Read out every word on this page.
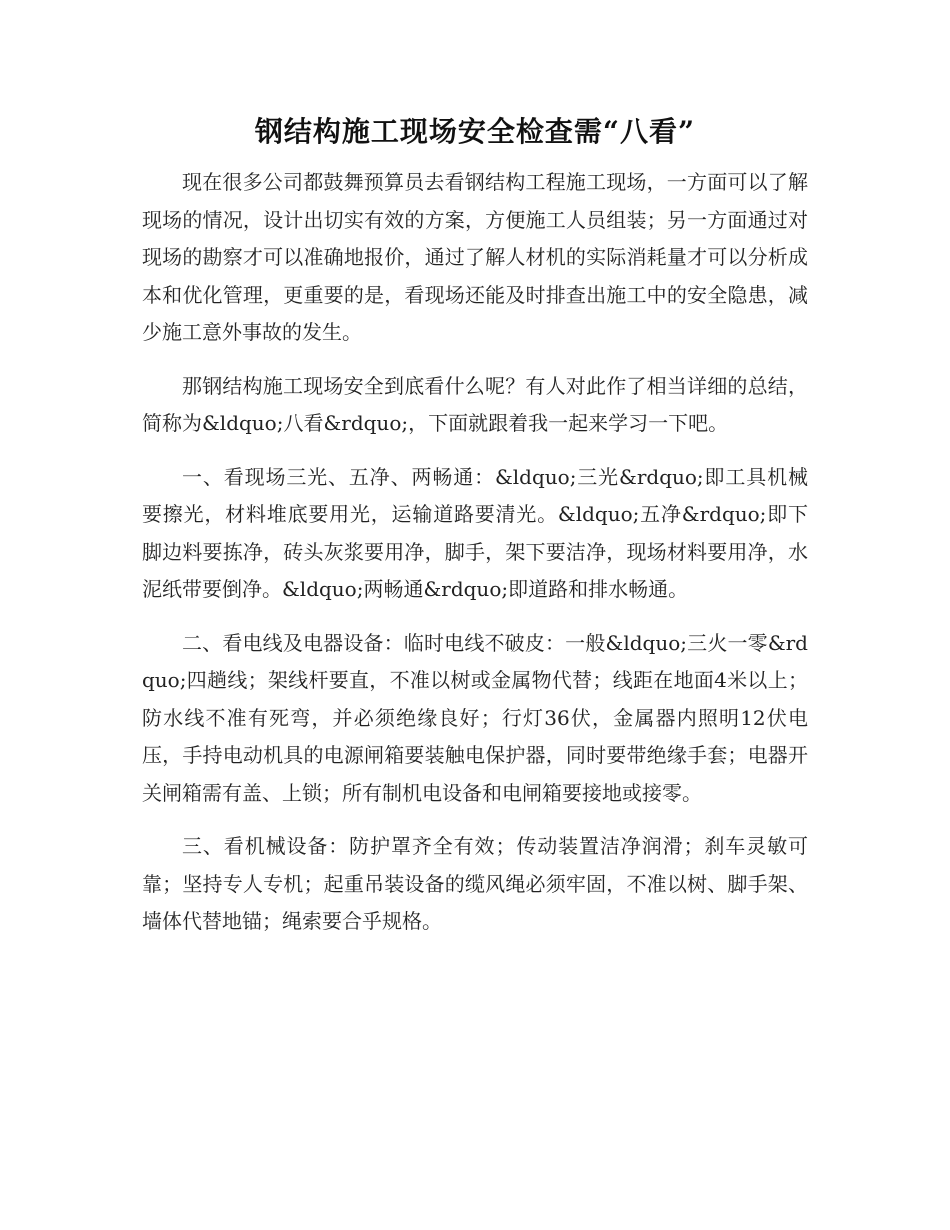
钢结构施工现场安全检查需“八看”

现在很多公司都鼓舞预算员去看钢结构工程施工现场，一方面可以了解现场的情况，设计出切实有效的方案，方便施工人员组装；另一方面通过对现场的勘察才可以准确地报价，通过了解人材机的实际消耗量才可以分析成本和优化管理，更重要的是，看现场还能及时排查出施工中的安全隐患，减少施工意外事故的发生。

那钢结构施工现场安全到底看什么呢？有人对此作了相当详细的总结，简称为&ldquo;八看&rdquo;，下面就跟着我一起来学习一下吧。

一、看现场三光、五净、两畅通：&ldquo;三光&rdquo;即工具机械要擦光，材料堆底要用光，运输道路要清光。&ldquo;五净&rdquo;即下脚边料要拣净，砖头灰浆要用净，脚手，架下要洁净，现场材料要用净，水泥纸带要倒净。&ldquo;两畅通&rdquo;即道路和排水畅通。

二、看电线及电器设备：临时电线不破皮：一般&ldquo;三火一零&rdquo;四趟线；架线杆要直，不准以树或金属物代替；线距在地面4米以上；防水线不准有死弯，并必须绝缘良好；行灯36伏，金属器内照明12伏电压，手持电动机具的电源闸箱要装触电保护器，同时要带绝缘手套；电器开关闸箱需有盖、上锁；所有制机电设备和电闸箱要接地或接零。

三、看机械设备：防护罩齐全有效；传动装置洁净润滑；刹车灵敏可靠；坚持专人专机；起重吊装设备的缆风绳必须牢固，不准以树、脚手架、墙体代替地锚；绳索要合乎规格。
